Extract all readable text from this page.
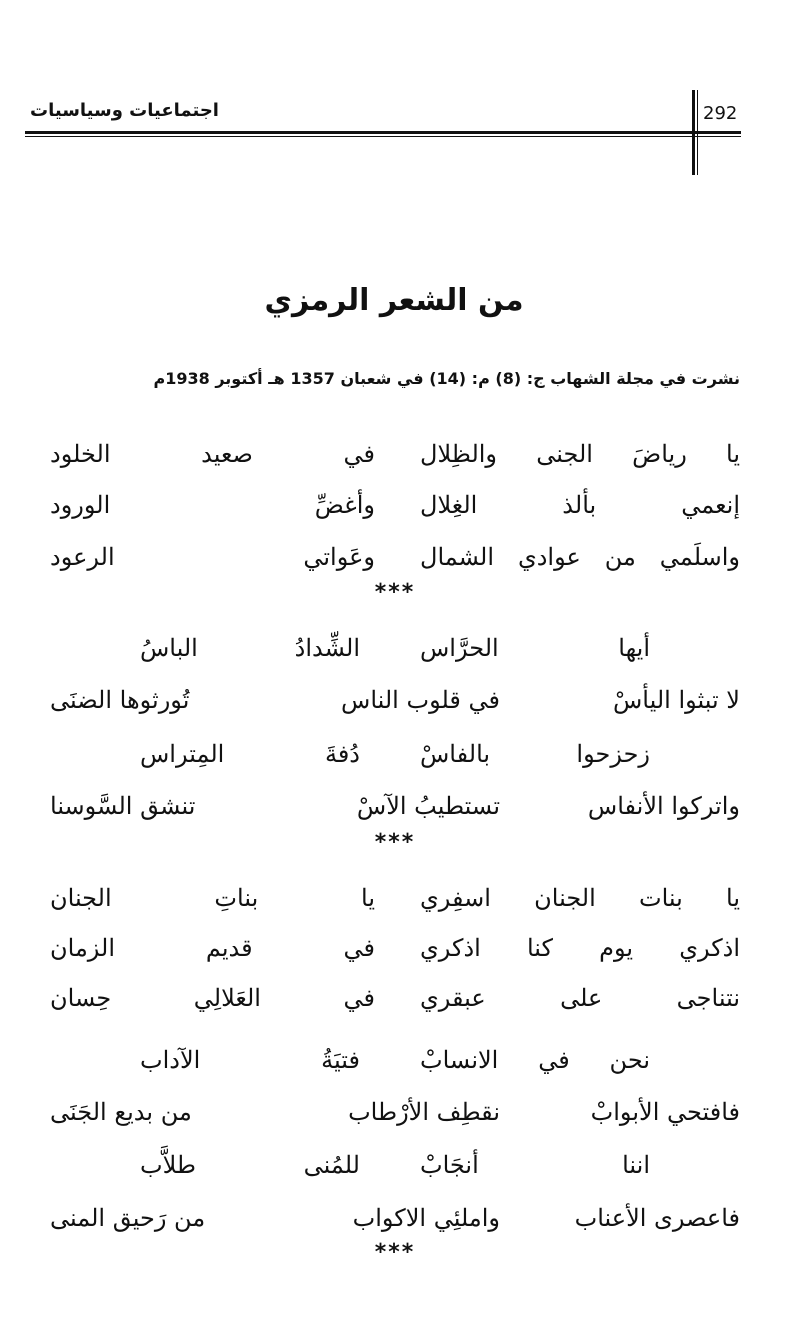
اجتماعيات وسياسيات	292
من الشعر الرمزي
نشرت في مجلة الشهاب ج: (8) م: (14) في شعبان 1357 هـ أكتوبر 1938م
يا رياضَ الجنى والظِلال
في صعيد الخلود
إنعمي بألذ الغِلال
وأغضِّ الورود
واسلَمي من عوادي الشمال
وعَواتي الرعود
***
أيها الحرَّاس
الشِّدادُ الباسُ
لا تبثوا اليأسْ
في قلوب الناس
تُورثوها الضنَى
زحزحوا بالفاسْ
دُفةَ المِتراس
واتركوا الأنفاس
تستطيبُ الآسْ
تنشق السَّوسنا
***
يا بنات الجنان اسفِري
يا بناتِ الجنان
اذكري يوم كنا اذكري
في قديم الزمان
نتناجى على عبقري
في العَلالِي حِسان
نحن في الانسابْ
فتيَةُ الآداب
فافتحي الأبوابْ
نقطِف الأرْطاب
من بديع الجَنَى
اننا أنجَابْ
للمُنى طلاَّب
فاعصرى الأعناب
واملئِي الاكواب
من رَحيق المنى
***
